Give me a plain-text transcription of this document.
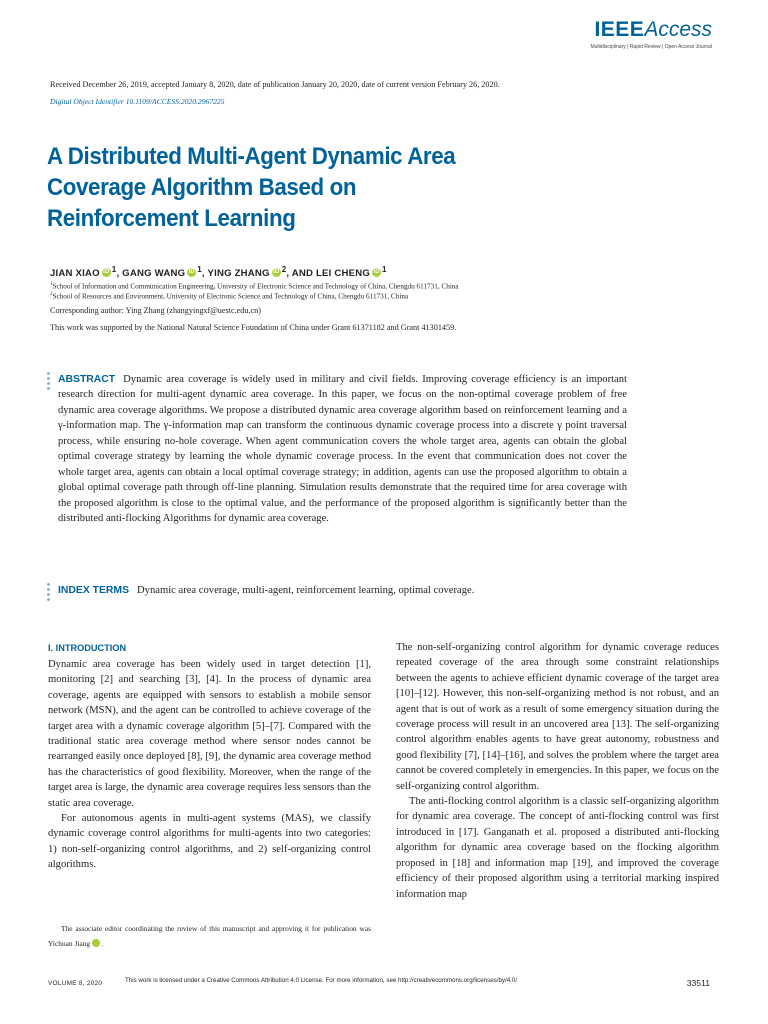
IEEEAccess
Multidisciplinary | Rapid Review | Open Access Journal
Received December 26, 2019, accepted January 8, 2020, date of publication January 20, 2020, date of current version February 26, 2020.
Digital Object Identifier 10.1109/ACCESS.2020.2967225
A Distributed Multi-Agent Dynamic Area
Coverage Algorithm Based on
Reinforcement Learning
JIAN XIAO iD $^1$, GANG WANG iD $^1$, YING ZHANG iD $^2$, AND LEI CHENG iD $^1$
$^1$School of Information and Communication Engineering, University of Electronic Science and Technology of China, Chengdu 611731, China
$^2$School of Resources and Environment, University of Electronic Science and Technology of China, Chengdu 611731, China
Corresponding author: Ying Zhang (zhangyingxf@uestc.edu.cn)
This work was supported by the National Natural Science Foundation of China under Grant 61371182 and Grant 41301459.
ABSTRACT Dynamic area coverage is widely used in military and civil fields. Improving coverage efficiency is an important research direction for multi-agent dynamic area coverage. In this paper, we focus on the non-optimal coverage problem of free dynamic area coverage algorithms. We propose a distributed dynamic area coverage algorithm based on reinforcement learning and a γ-information map. The γ-information map can transform the continuous dynamic coverage process into a discrete γ point traversal process, while ensuring no-hole coverage. When agent communication covers the whole target area, agents can obtain the global optimal coverage strategy by learning the whole dynamic coverage process. In the event that communication does not cover the whole target area, agents can obtain a local optimal coverage strategy; in addition, agents can use the proposed algorithm to obtain a global optimal coverage path through off-line planning. Simulation results demonstrate that the required time for area coverage with the proposed algorithm is close to the optimal value, and the performance of the proposed algorithm is significantly better than the distributed anti-flocking Algorithms for dynamic area coverage.
INDEX TERMS Dynamic area coverage, multi-agent, reinforcement learning, optimal coverage.
I. INTRODUCTION

Dynamic area coverage has been widely used in target detection [1], monitoring [2] and searching [3], [4]. In the process of dynamic area coverage, agents are equipped with sensors to establish a mobile sensor network (MSN), and the agent can be controlled to achieve coverage of the target area with a dynamic coverage algorithm [5]–[7]. Compared with the traditional static area coverage method where sensor nodes cannot be rearranged easily once deployed [8], [9], the dynamic area coverage method has the characteristics of good flexibility. Moreover, when the range of the target area is large, the dynamic area coverage requires less sensors than the static area coverage.

For autonomous agents in multi-agent systems (MAS), we classify dynamic coverage control algorithms for multi-agents into two categories: 1) non-self-organizing control algorithms, and 2) self-organizing control algorithms.

The non-self-organizing control algorithm for dynamic coverage reduces repeated coverage of the area through some constraint relationships between the agents to achieve efficient dynamic coverage of the target area [10]–[12]. However, this non-self-organizing method is not robust, and an agent that is out of work as a result of some emergency situation during the coverage process will result in an uncovered area [13]. The self-organizing control algorithm enables agents to have great autonomy, robustness and good flexibility [7], [14]–[16], and solves the problem where the target area cannot be covered completely in emergencies. In this paper, we focus on the self-organizing control algorithm.

The anti-flocking control algorithm is a classic self-organizing algorithm for dynamic area coverage. The concept of anti-flocking control was first introduced in [17]. Ganganath et al. proposed a distributed anti-flocking algorithm for dynamic area coverage based on the flocking algorithm proposed in [18] and information map [19], and improved the coverage efficiency of their proposed algorithm using a territorial marking inspired information map

The associate editor coordinating the review of this manuscript and approving it for publication was Yichuan Jiang	iD.
VOLUME 8, 2020	This work is licensed under a Creative Commons Attribution 4.0 License. For more information, see http://creativecommons.org/licenses/by/4.0/	33511
